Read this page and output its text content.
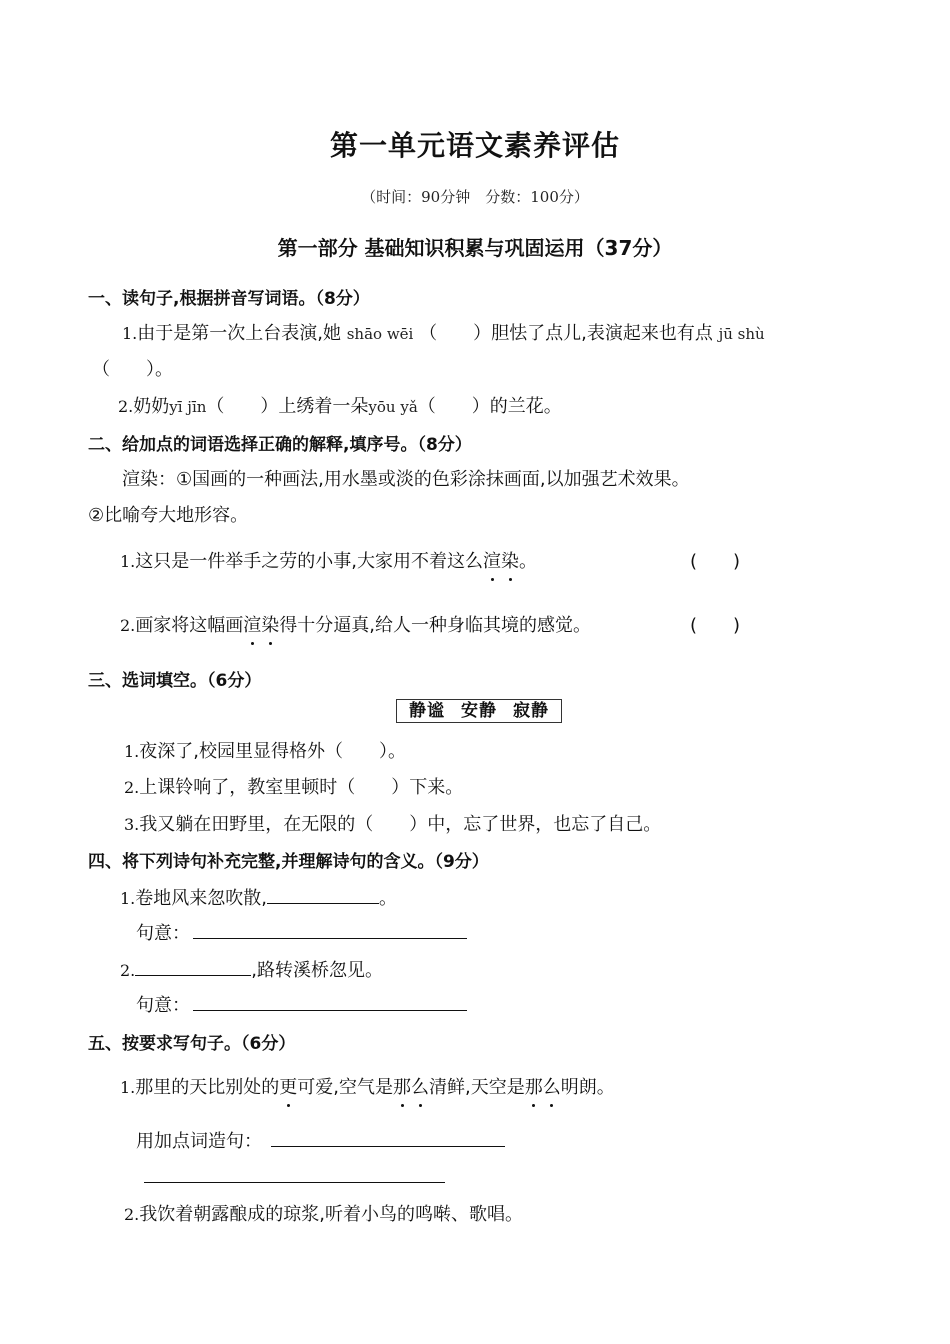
第一单元语文素养评估
（时间：90分钟　分数：100分）
第一部分 基础知识积累与巩固运用（37分）
一、读句子,根据拼音写词语。（8分）
1.由于是第一次上台表演,她 shāo wēi （　　）胆怯了点儿,表演起来也有点 jū shù
（　　）。
2.奶奶yī jīn（　　）上绣着一朵yōu yǎ（　　）的兰花。
二、给加点的词语选择正确的解释,填序号。（8分）
渲染：①国画的一种画法,用水墨或淡的色彩涂抹画面,以加强艺术效果。
②比喻夸大地形容。
1.这只是一件举手之劳的小事,大家用不着这么渲染。	(　　)
2.画家将这幅画渲染得十分逼真,给人一种身临其境的感觉。	(　　)
三、选词填空。（6分）
静谧 安静 寂静
1.夜深了,校园里显得格外（　　）。
2.上课铃响了，教室里顿时（　　）下来。
3.我又躺在田野里，在无限的（　　）中，忘了世界，也忘了自己。
四、将下列诗句补充完整,并理解诗句的含义。（9分）
1.卷地风来忽吹散,	。
句意：
2.	,路转溪桥忽见。
句意：
五、按要求写句子。（6分）
1.那里的天比别处的更可爱,空气是那么清鲜,天空是那么明朗。
用加点词造句：
2.我饮着朝露酿成的琼浆,听着小鸟的鸣啭、歌唱。
